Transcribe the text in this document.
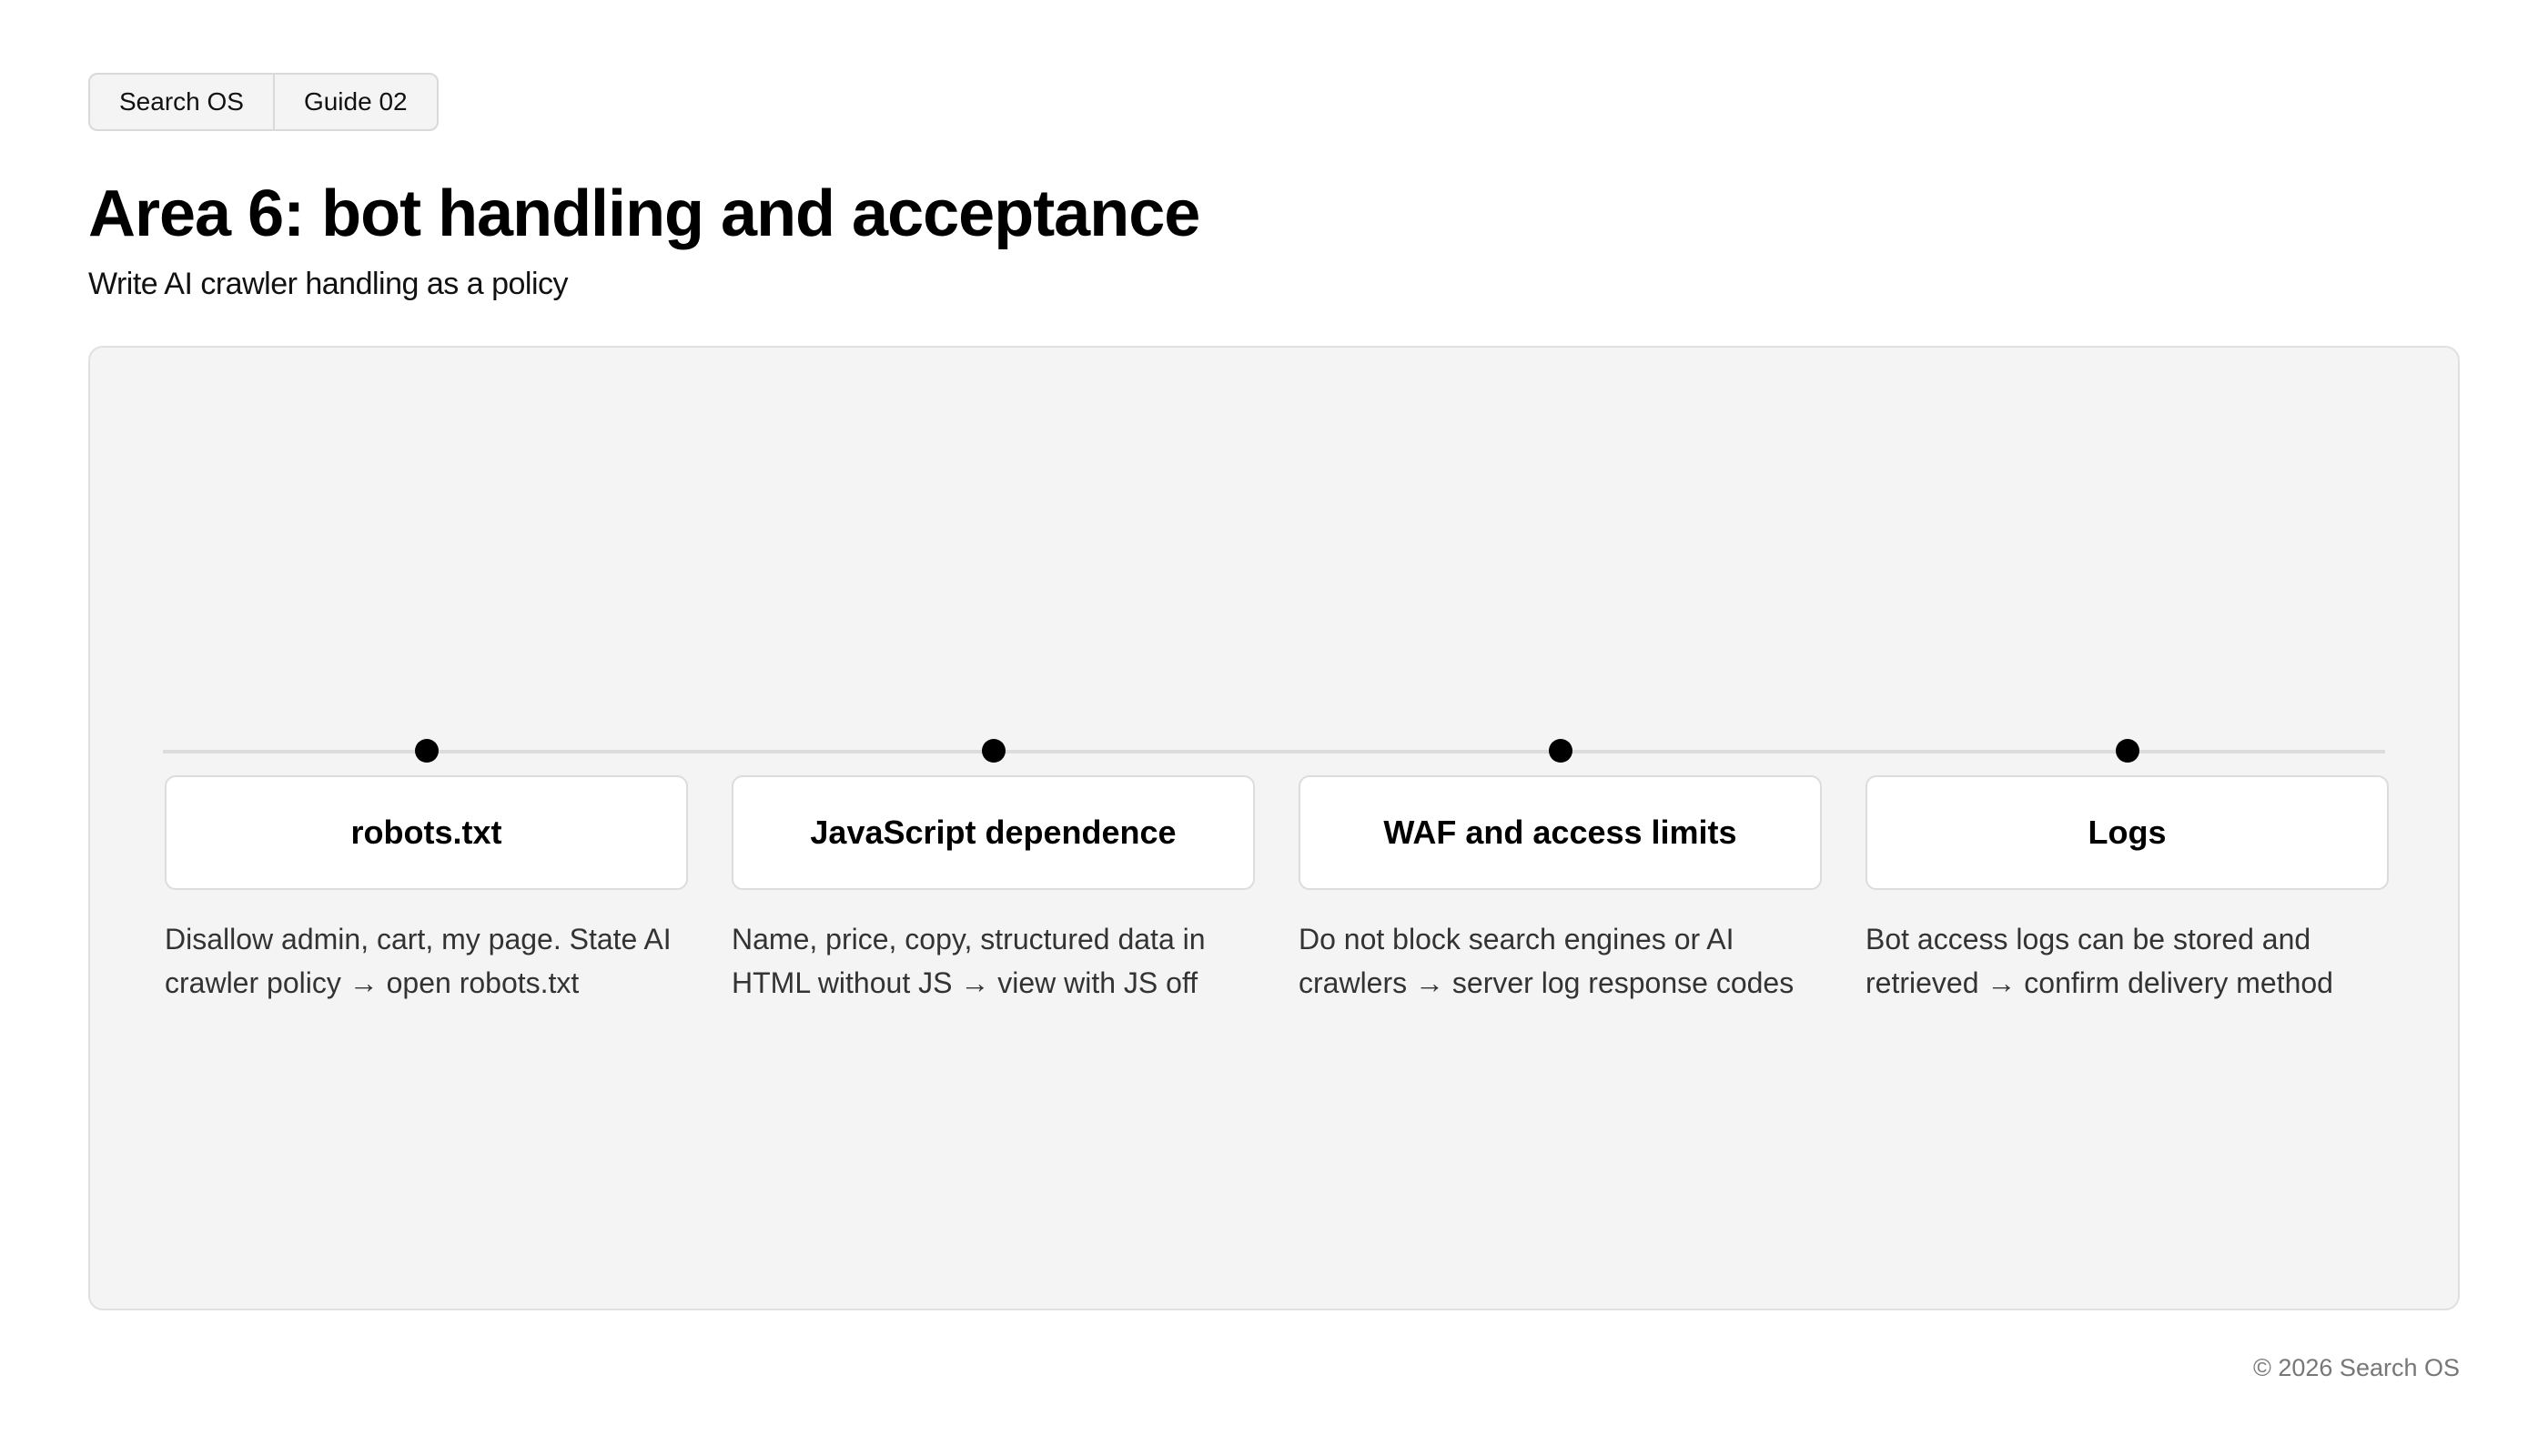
Search OS	Guide 02
Area 6: bot handling and acceptance

Write AI crawler handling as a policy

robots.txt

Disallow admin, cart, my page. State AI crawler policy → open robots.txt

JavaScript dependence

Name, price, copy, structured data in HTML without JS → view with JS off

WAF and access limits

Do not block search engines or AI crawlers → server log response codes

Logs

Bot access logs can be stored and retrieved → confirm delivery method

© 2026 Search OS
